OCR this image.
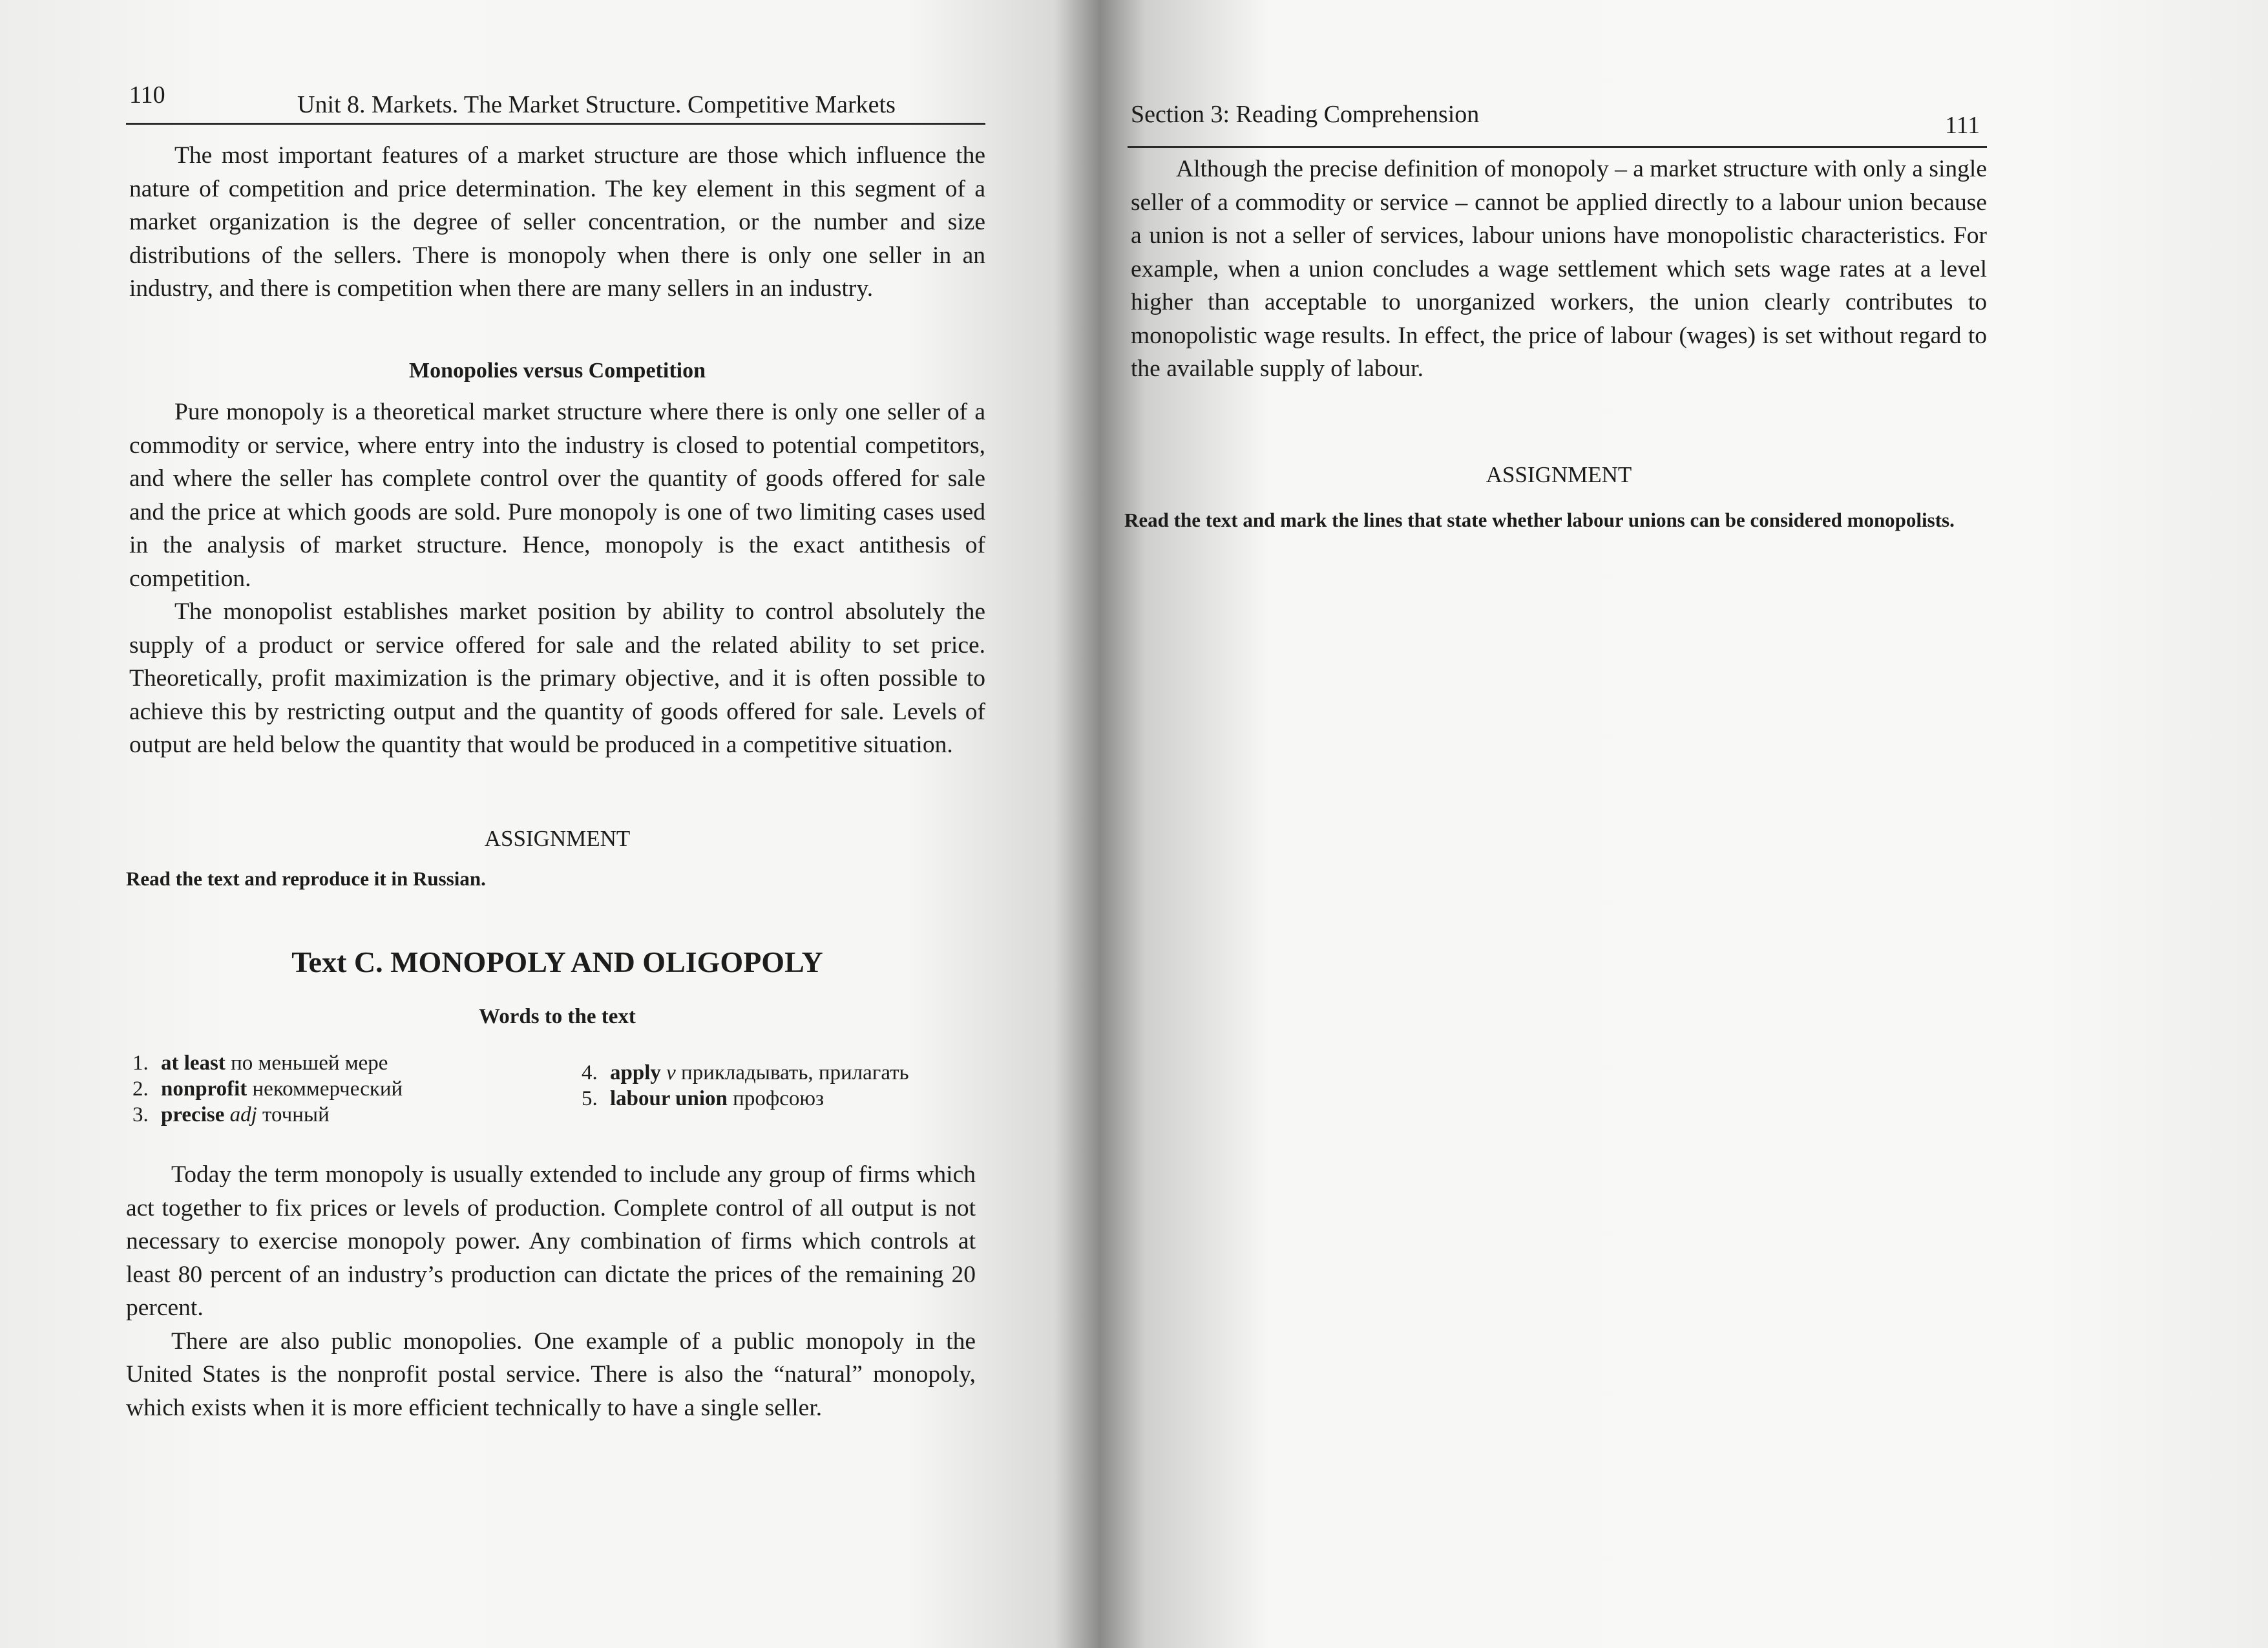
110	Unit 8. Markets. The Market Structure. Competitive Markets

The most important features of a market structure are those which influence the nature of competition and price determination. The key element in this segment of a market organization is the degree of seller concentration, or the number and size distributions of the sellers. There is monopoly when there is only one seller in an industry, and there is competition when there are many sellers in an industry.

Monopolies versus Competition

Pure monopoly is a theoretical market structure where there is only one seller of a commodity or service, where entry into the industry is closed to potential competitors, and where the seller has complete control over the quantity of goods offered for sale and the price at which goods are sold. Pure monopoly is one of two limiting cases used in the analysis of market structure. Hence, monopoly is the exact antithesis of competition.

The monopolist establishes market position by ability to control absolutely the supply of a product or service offered for sale and the related ability to set price. Theoretically, profit maximization is the primary objective, and it is often possible to achieve this by restricting output and the quantity of goods offered for sale. Levels of output are held below the quantity that would be produced in a competitive situation.

ASSIGNMENT
Read the text and reproduce it in Russian.
Text C. MONOPOLY AND OLIGOPOLY
Words to the text
1. at least по меньшей мере
2. nonprofit некоммерческий
3. precise adj точный
4. apply v прикладывать, прилагать
5. labour union профсоюз

Today the term monopoly is usually extended to include any group of firms which act together to fix prices or levels of production. Complete control of all output is not necessary to exercise monopoly power. Any combination of firms which controls at least 80 percent of an industry’s production can dictate the prices of the remaining 20 percent.

There are also public monopolies. One example of a public monopoly in the United States is the nonprofit postal service. There is also the “natural” monopoly, which exists when it is more efficient technically to have a single seller.

Section 3: Reading Comprehension	111

Although the precise definition of monopoly – a market structure with only a single seller of a commodity or service – cannot be applied directly to a labour union because a union is not a seller of services, labour unions have monopolistic characteristics. For example, when a union concludes a wage settlement which sets wage rates at a level higher than acceptable to unorganized workers, the union clearly contributes to monopolistic wage results. In effect, the price of labour (wages) is set without regard to the available supply of labour.

ASSIGNMENT
Read the text and mark the lines that state whether labour unions can be considered monopolists.
